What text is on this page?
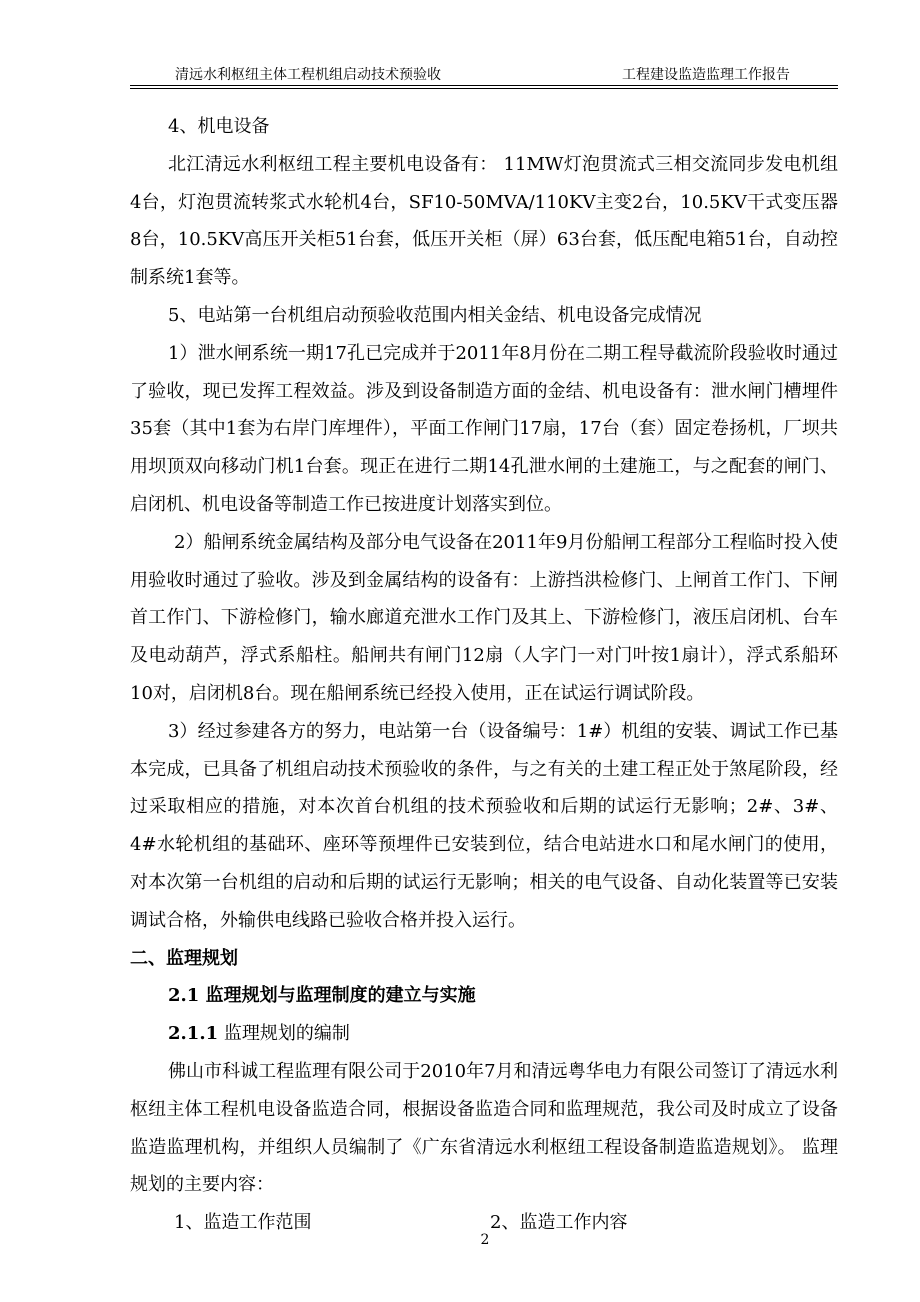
清远水利枢纽主体工程机组启动技术预验收	工程建设监造监理工作报告

4、机电设备

北江清远水利枢纽工程主要机电设备有： 11MW灯泡贯流式三相交流同步发电机组4台，灯泡贯流转浆式水轮机4台，SF10-50MVA/110KV主变2台，10.5KV干式变压器8台，10.5KV高压开关柜51台套，低压开关柜（屏）63台套，低压配电箱51台，自动控制系统1套等。

5、电站第一台机组启动预验收范围内相关金结、机电设备完成情况

1）泄水闸系统一期17孔已完成并于2011年8月份在二期工程导截流阶段验收时通过了验收，现已发挥工程效益。涉及到设备制造方面的金结、机电设备有：泄水闸门槽埋件35套（其中1套为右岸门库埋件），平面工作闸门17扇，17台（套）固定卷扬机，厂坝共用坝顶双向移动门机1台套。现正在进行二期14孔泄水闸的土建施工，与之配套的闸门、启闭机、机电设备等制造工作已按进度计划落实到位。

2）船闸系统金属结构及部分电气设备在2011年9月份船闸工程部分工程临时投入使用验收时通过了验收。涉及到金属结构的设备有：上游挡洪检修门、上闸首工作门、下闸首工作门、下游检修门，输水廊道充泄水工作门及其上、下游检修门，液压启闭机、台车及电动葫芦，浮式系船柱。船闸共有闸门12扇（人字门一对门叶按1扇计），浮式系船环10对，启闭机8台。现在船闸系统已经投入使用，正在试运行调试阶段。

3）经过参建各方的努力，电站第一台（设备编号：1#）机组的安装、调试工作已基本完成，已具备了机组启动技术预验收的条件，与之有关的土建工程正处于煞尾阶段，经过采取相应的措施，对本次首台机组的技术预验收和后期的试运行无影响；2#、3#、4#水轮机组的基础环、座环等预埋件已安装到位，结合电站进水口和尾水闸门的使用，对本次第一台机组的启动和后期的试运行无影响；相关的电气设备、自动化装置等已安装调试合格，外输供电线路已验收合格并投入运行。

二、监理规划

2.1 监理规划与监理制度的建立与实施

2.1.1 监理规划的编制

佛山市科诚工程监理有限公司于2010年7月和清远粤华电力有限公司签订了清远水利枢纽主体工程机电设备监造合同，根据设备监造合同和监理规范，我公司及时成立了设备监造监理机构，并组织人员编制了《广东省清远水利枢纽工程设备制造监造规划》。 监理规划的主要内容：

1、监造工作范围	2、监造工作内容
2
